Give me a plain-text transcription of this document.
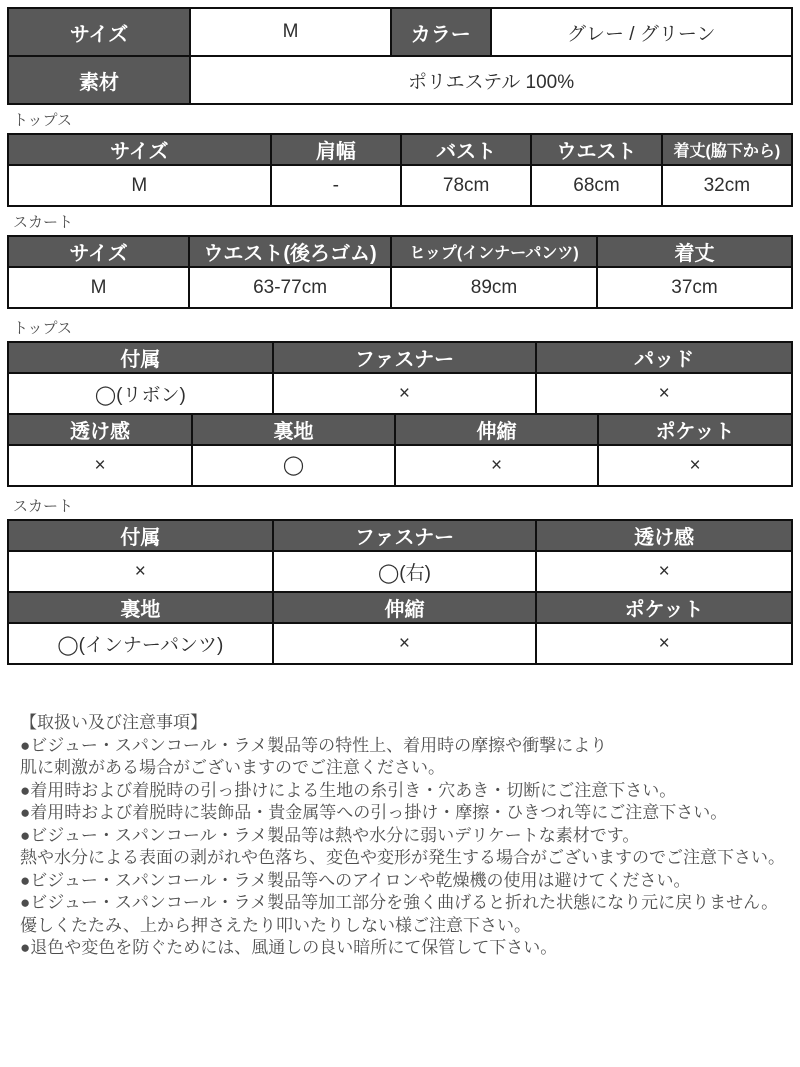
サイズ	M	カラー	グレー / グリーン
素材	ポリエステル 100%
トップス
サイズ	肩幅	バスト	ウエスト	着丈(脇下から)
M	-	78cm	68cm	32cm
スカート
サイズ	ウエスト(後ろゴム)	ヒップ(インナーパンツ)	着丈
M	63-77cm	89cm	37cm
トップス
付属	ファスナー	パッド
◯(リボン)	×	×
透け感	裏地	伸縮	ポケット
×	◯	×	×
スカート
付属	ファスナー	透け感
×	◯(右)	×
裏地	伸縮	ポケット
◯(インナーパンツ)	×	×
【取扱い及び注意事項】
●ビジュー・スパンコール・ラメ製品等の特性上、着用時の摩擦や衝撃により
肌に刺激がある場合がございますのでご注意ください。
●着用時および着脱時の引っ掛けによる生地の糸引き・穴あき・切断にご注意下さい。
●着用時および着脱時に装飾品・貴金属等への引っ掛け・摩擦・ひきつれ等にご注意下さい。
●ビジュー・スパンコール・ラメ製品等は熱や水分に弱いデリケートな素材です。
熱や水分による表面の剥がれや色落ち、変色や変形が発生する場合がございますのでご注意下さい。
●ビジュー・スパンコール・ラメ製品等へのアイロンや乾燥機の使用は避けてください。
●ビジュー・スパンコール・ラメ製品等加工部分を強く曲げると折れた状態になり元に戻りません。
優しくたたみ、上から押さえたり叩いたりしない様ご注意下さい。
●退色や変色を防ぐためには、風通しの良い暗所にて保管して下さい。
